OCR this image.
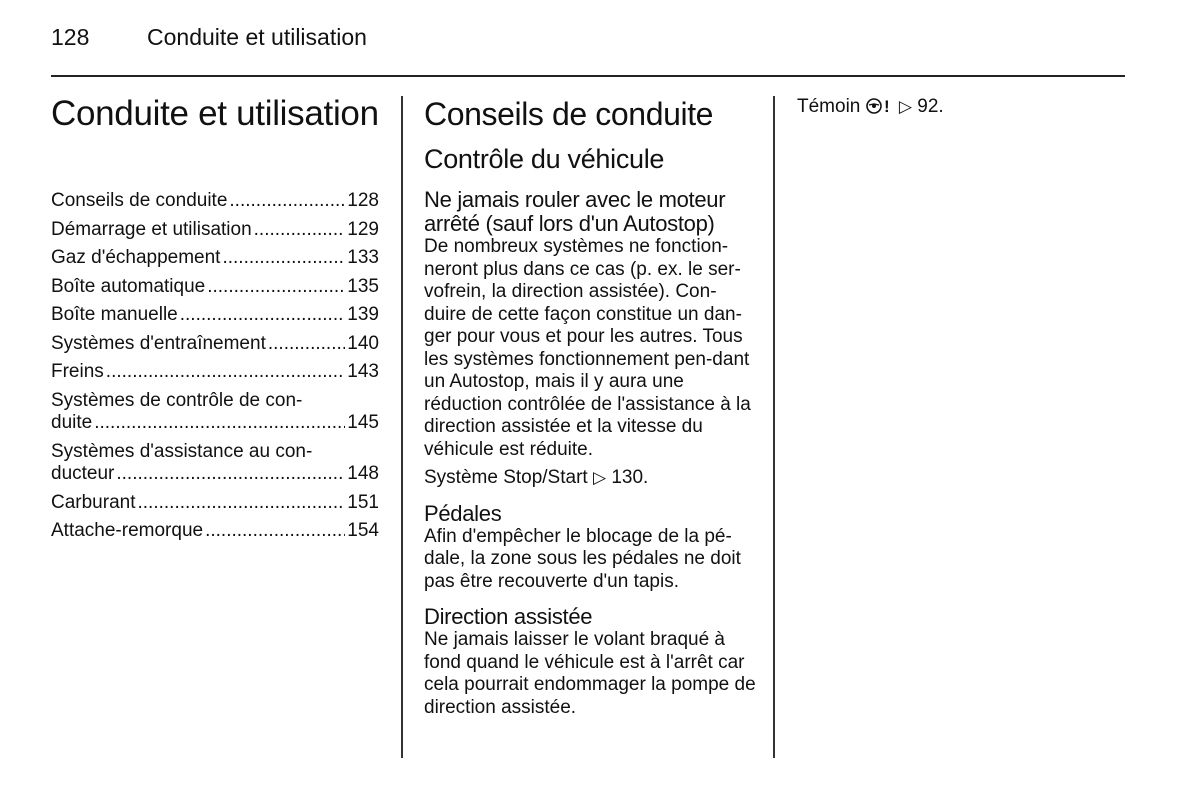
128	Conduite et utilisation
Conduite et utilisation
Conseils de conduite .....	128
Démarrage et utilisation .....	129
Gaz d'échappement .....	133
Boîte automatique .....	135
Boîte manuelle .....	139
Systèmes d'entraînement .....	140
Freins .....	143
Systèmes de contrôle de con-
duite .....	145
Systèmes d'assistance au con-
ducteur .....	148
Carburant .....	151
Attache-remorque .....	154
Conseils de conduite
Contrôle du véhicule
Ne jamais rouler avec le moteur arrêté (sauf lors d'un Autostop)

De nombreux systèmes ne fonction-neront plus dans ce cas (p. ex. le ser-vofrein, la direction assistée). Con-duire de cette façon constitue un dan-ger pour vous et pour les autres. Tous les systèmes fonctionnement pen-dant un Autostop, mais il y aura une réduction contrôlée de l'assistance à la direction assistée et la vitesse du véhicule est réduite.

Système Stop/Start ▷ 130.

Pédales

Afin d'empêcher le blocage de la pé-dale, la zone sous les pédales ne doit pas être recouverte d'un tapis.

Direction assistée

Ne jamais laisser le volant braqué à fond quand le véhicule est à l'arrêt car cela pourrait endommager la pompe de direction assistée.

Témoin ! ▷ 92.
